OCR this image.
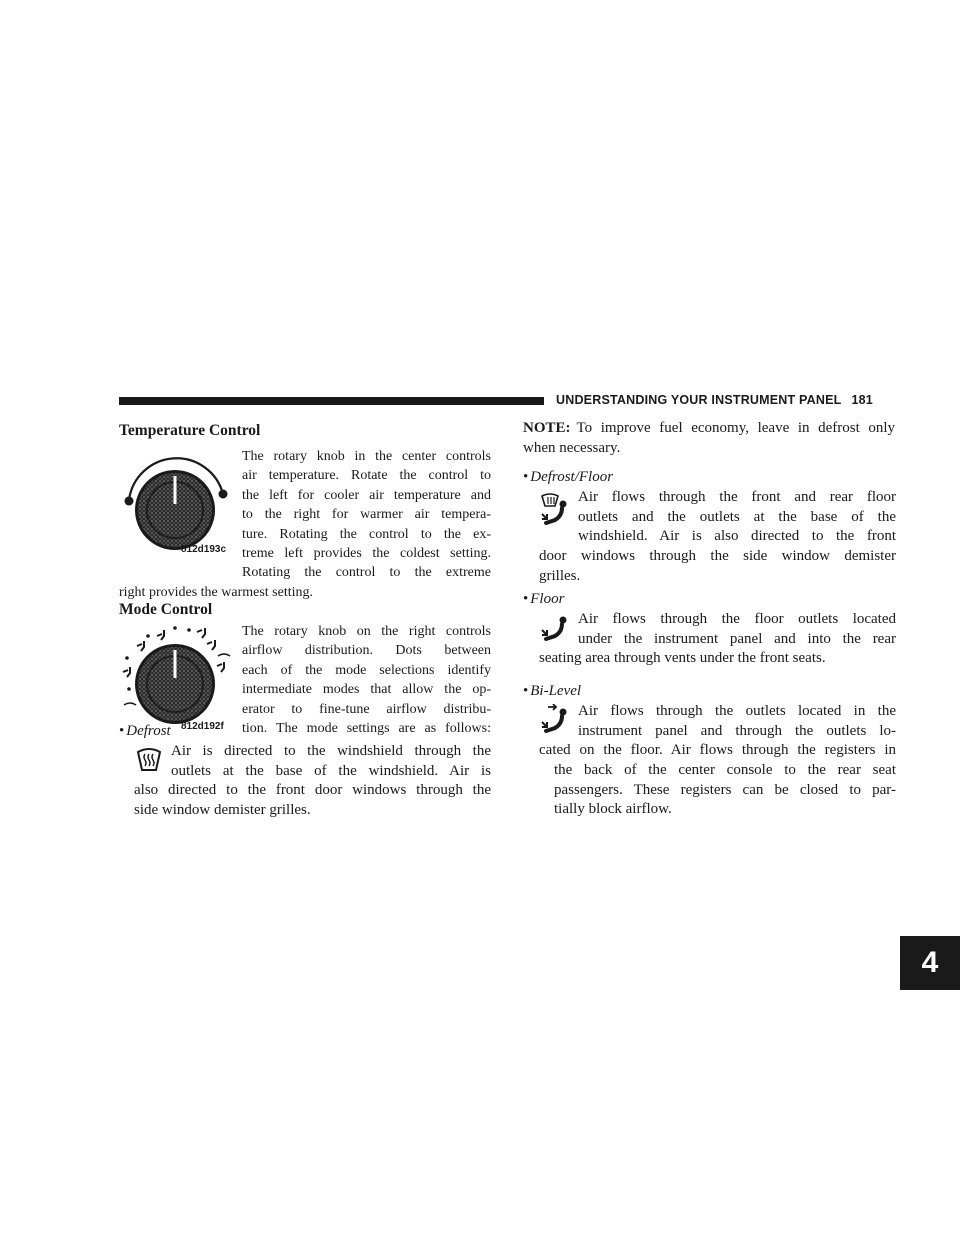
UNDERSTANDING YOUR INSTRUMENT PANEL 181
4
Temperature Control
812d193c
The rotary knob in the center controls
air temperature. Rotate the control to
the left for cooler air temperature and
to the right for warmer air tempera-
ture. Rotating the control to the ex-
treme left provides the coldest setting.
Rotating the control to the extreme
right provides the warmest setting.
Mode Control
812d192f
The rotary knob on the right controls
airflow distribution. Dots between
each of the mode selections identify
intermediate modes that allow the op-
erator to fine-tune airflow distribu-
tion. The mode settings are as follows:
• Defrost
Air is directed to the windshield through the
outlets at the base of the windshield. Air is
also directed to the front door windows through the
side window demister grilles.
NOTE: To improve fuel economy, leave in defrost only
when necessary.
• Defrost/Floor
Air flows through the front and rear floor
outlets and the outlets at the base of the
windshield. Air is also directed to the front
door windows through the side window demister
grilles.
• Floor
Air flows through the floor outlets located
under the instrument panel and into the rear
seating area through vents under the front seats.
• Bi-Level
Air flows through the outlets located in the
instrument panel and through the outlets lo-
cated on the floor. Air flows through the registers in
the back of the center console to the rear seat
passengers. These registers can be closed to par-
tially block airflow.
